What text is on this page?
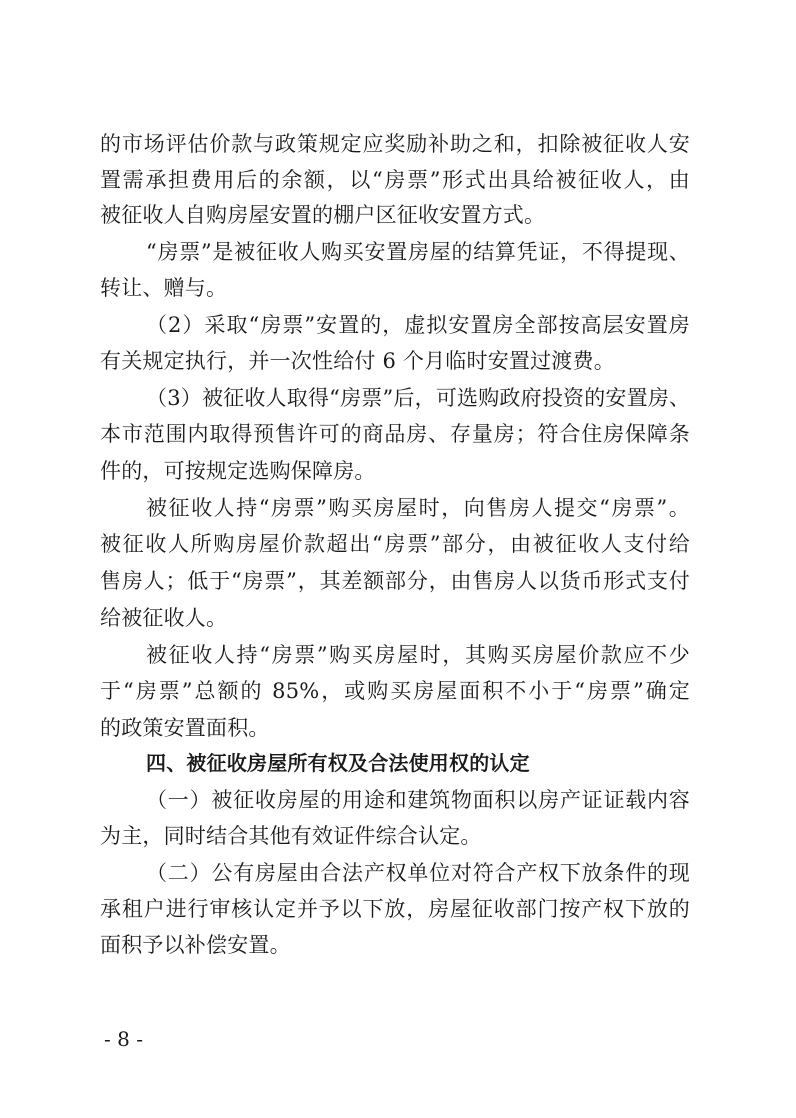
的市场评估价款与政策规定应奖励补助之和，扣除被征收人安
置需承担费用后的余额，以“房票”形式出具给被征收人，由
被征收人自购房屋安置的棚户区征收安置方式。
“房票”是被征收人购买安置房屋的结算凭证，不得提现、
转让、赠与。
（2）采取“房票”安置的，虚拟安置房全部按高层安置房
有关规定执行，并一次性给付 6 个月临时安置过渡费。
（3）被征收人取得“房票”后，可选购政府投资的安置房、
本市范围内取得预售许可的商品房、存量房；符合住房保障条
件的，可按规定选购保障房。
被征收人持“房票”购买房屋时，向售房人提交“房票”。
被征收人所购房屋价款超出“房票”部分，由被征收人支付给
售房人；低于“房票”，其差额部分，由售房人以货币形式支付
给被征收人。
被征收人持“房票”购买房屋时，其购买房屋价款应不少
于“房票”总额的 85%，或购买房屋面积不小于“房票”确定
的政策安置面积。
四、被征收房屋所有权及合法使用权的认定
（一）被征收房屋的用途和建筑物面积以房产证证载内容
为主，同时结合其他有效证件综合认定。
（二）公有房屋由合法产权单位对符合产权下放条件的现
承租户进行审核认定并予以下放，房屋征收部门按产权下放的
面积予以补偿安置。
- 8 -
